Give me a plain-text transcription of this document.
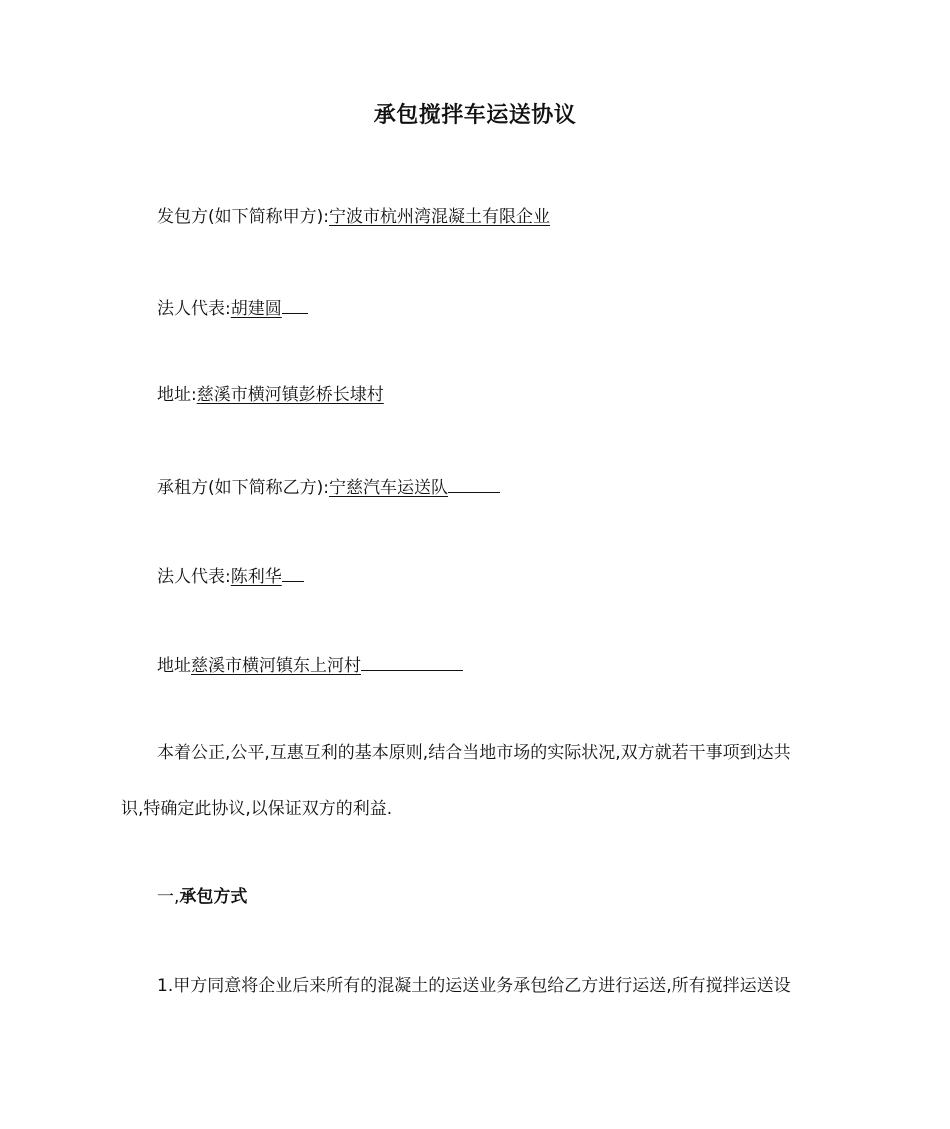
承包搅拌车运送协议
发包方(如下简称甲方):宁波市杭州湾混凝土有限企业
法人代表:胡建圆
地址:慈溪市横河镇彭桥长埭村
承租方(如下简称乙方):宁慈汽车运送队
法人代表:陈利华
地址慈溪市横河镇东上河村
本着公正,公平,互惠互利的基本原则,结合当地市场的实际状况,双方就若干事项到达共
识,特确定此协议,以保证双方的利益.
一,承包方式
1.甲方同意将企业后来所有的混凝土的运送业务承包给乙方进行运送,所有搅拌运送设
